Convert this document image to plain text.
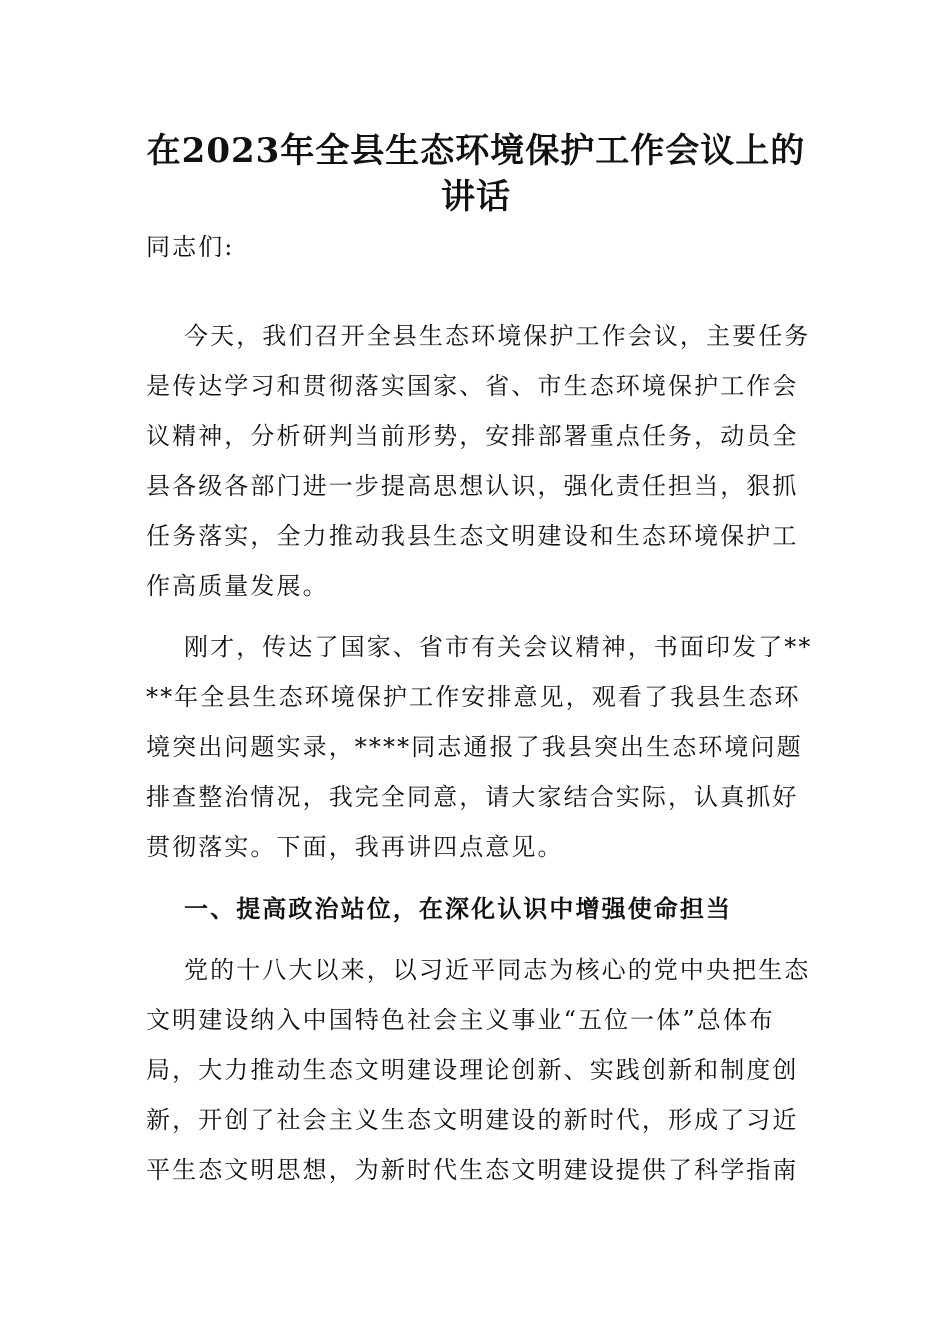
在2023年全县生态环境保护工作会议上的
讲话
同志们:
今天，我们召开全县生态环境保护工作会议，主要任务
是传达学习和贯彻落实国家、省、市生态环境保护工作会
议精神，分析研判当前形势，安排部署重点任务，动员全
县各级各部门进一步提高思想认识，强化责任担当，狠抓
任务落实，全力推动我县生态文明建设和生态环境保护工
作高质量发展。
刚才，传达了国家、省市有关会议精神，书面印发了**
**年全县生态环境保护工作安排意见，观看了我县生态环
境突出问题实录，****同志通报了我县突出生态环境问题
排查整治情况，我完全同意，请大家结合实际，认真抓好
贯彻落实。下面，我再讲四点意见。
一、提高政治站位，在深化认识中增强使命担当
党的十八大以来，以习近平同志为核心的党中央把生态
文明建设纳入中国特色社会主义事业“五位一体”总体布
局，大力推动生态文明建设理论创新、实践创新和制度创
新，开创了社会主义生态文明建设的新时代，形成了习近
平生态文明思想，为新时代生态文明建设提供了科学指南
